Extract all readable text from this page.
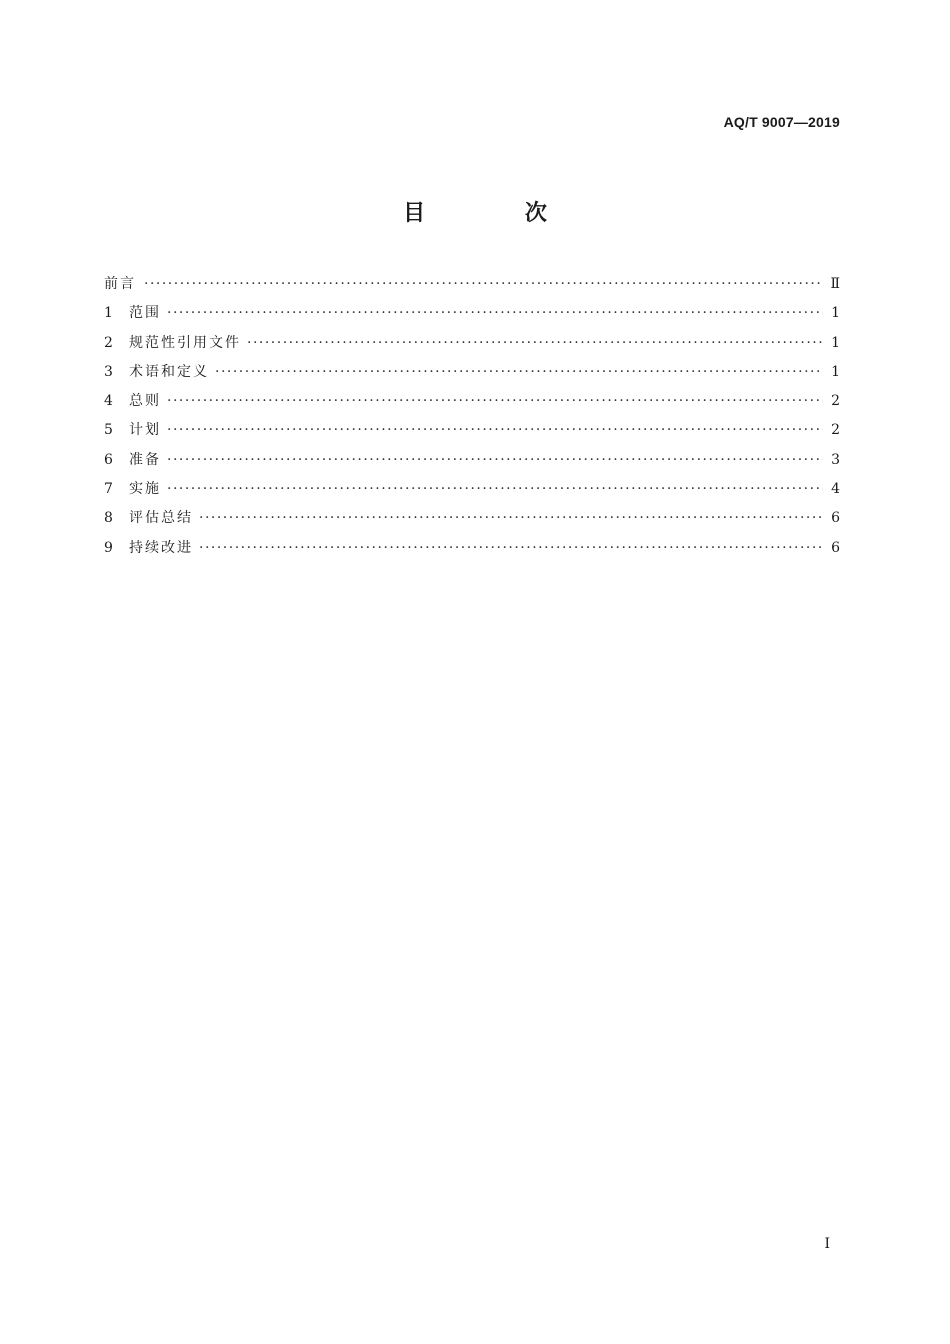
AQ/T 9007—2019
目 次
前言 ·····	Ⅱ
1	范围 ·····	1
2	规范性引用文件 ·····	1
3	术语和定义 ·····	1
4	总则 ·····	2
5	计划 ·····	2
6	准备 ·····	3
7	实施 ·····	4
8	评估总结 ·····	6
9	持续改进 ·····	6
I
